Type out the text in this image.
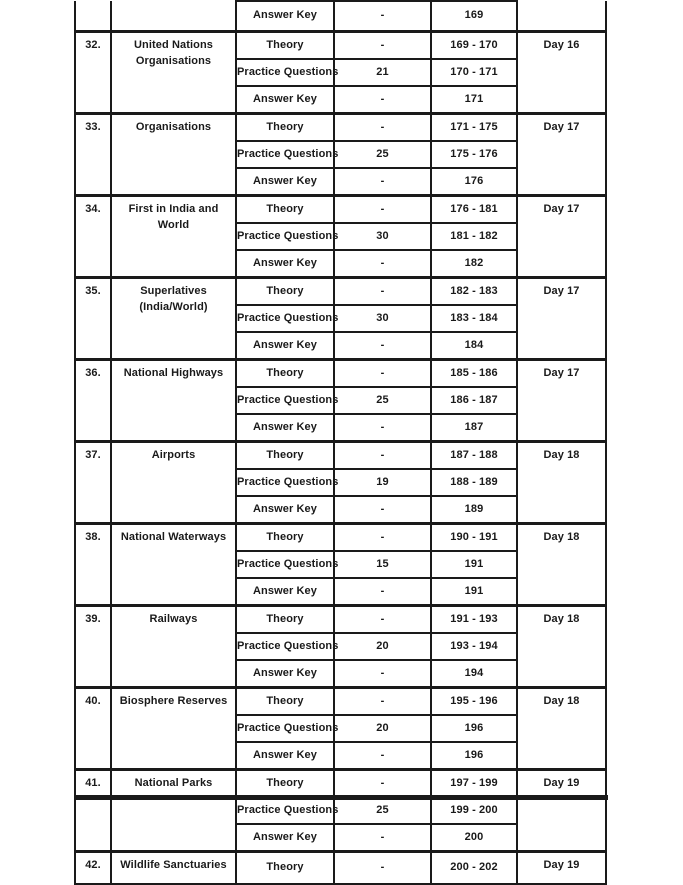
		Answer Key	-	169	
32.	United Nations Organisations	Theory	-	169 - 170	Day 16
		Practice Questions	21	170 - 171	
		Answer Key	-	171	
33.	Organisations	Theory	-	171 - 175	Day 17
		Practice Questions	25	175 - 176	
		Answer Key	-	176	
34.	First in India and World	Theory	-	176 - 181	Day 17
		Practice Questions	30	181 - 182	
		Answer Key	-	182	
35.	Superlatives (India/World)	Theory	-	182 - 183	Day 17
		Practice Questions	30	183 - 184	
		Answer Key	-	184	
36.	National Highways	Theory	-	185 - 186	Day 17
		Practice Questions	25	186 - 187	
		Answer Key	-	187	
37.	Airports	Theory	-	187 - 188	Day 18
		Practice Questions	19	188 - 189	
		Answer Key	-	189	
38.	National Waterways	Theory	-	190 - 191	Day 18
		Practice Questions	15	191	
		Answer Key	-	191	
39.	Railways	Theory	-	191 - 193	Day 18
		Practice Questions	20	193 - 194	
		Answer Key	-	194	
40.	Biosphere Reserves	Theory	-	195 - 196	Day 18
		Practice Questions	20	196	
		Answer Key	-	196	
41.	National Parks	Theory	-	197 - 199	Day 19
		Practice Questions	25	199 - 200	
		Answer Key	-	200	
42.	Wildlife Sanctuaries	Theory	-	200 - 202	Day 19
